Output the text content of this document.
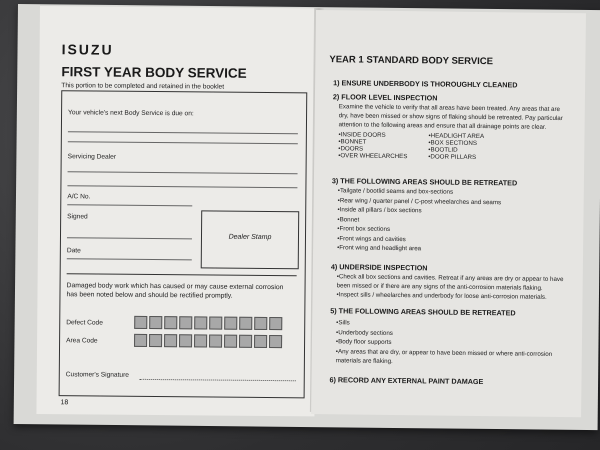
ISUZU
FIRST YEAR BODY SERVICE
This portion to be completed and retained in the booklet
Your vehicle's next Body Service is due on:
Servicing Dealer
A/C No.
Signed
Date
Dealer Stamp
Damaged body work which has caused or may cause external corrosion has been noted below and should be rectified promptly.
Defect Code
Area Code
Customer's Signature
18
YEAR 1 STANDARD BODY SERVICE
1) ENSURE UNDERBODY IS THOROUGHLY CLEANED
2) FLOOR LEVEL INSPECTION
Examine the vehicle to verify that all areas have been treated. Any areas that are dry, have been missed or show signs of flaking should be retreated. Pay particular attention to the following areas and ensure that all drainage points are clear.
• INSIDE DOORS
• BONNET
• DOORS
• OVER WHEELARCHES
• HEADLIGHT AREA
• BOX SECTIONS
• BOOTLID
• DOOR PILLARS
3) THE FOLLOWING AREAS SHOULD BE RETREATED
• Tailgate / bootlid seams and box-sections
• Rear wing / quarter panel / C-post wheelarches and seams
• Inside all pillars / box sections
• Bonnet
• Front box sections
• Front wings and cavities
• Front wing and headlight area
4) UNDERSIDE INSPECTION
• Check all box sections and cavities. Retreat if any areas are dry or appear to have been missed or if there are any signs of the anti-corrosion materials flaking.
• Inspect sills / wheelarches and underbody for loose anti-corrosion materials.
5) THE FOLLOWING AREAS SHOULD BE RETREATED
• Sills
• Underbody sections
• Body floor supports
• Any areas that are dry, or appear to have been missed or where anti-corrosion materials are flaking.
6) RECORD ANY EXTERNAL PAINT DAMAGE
